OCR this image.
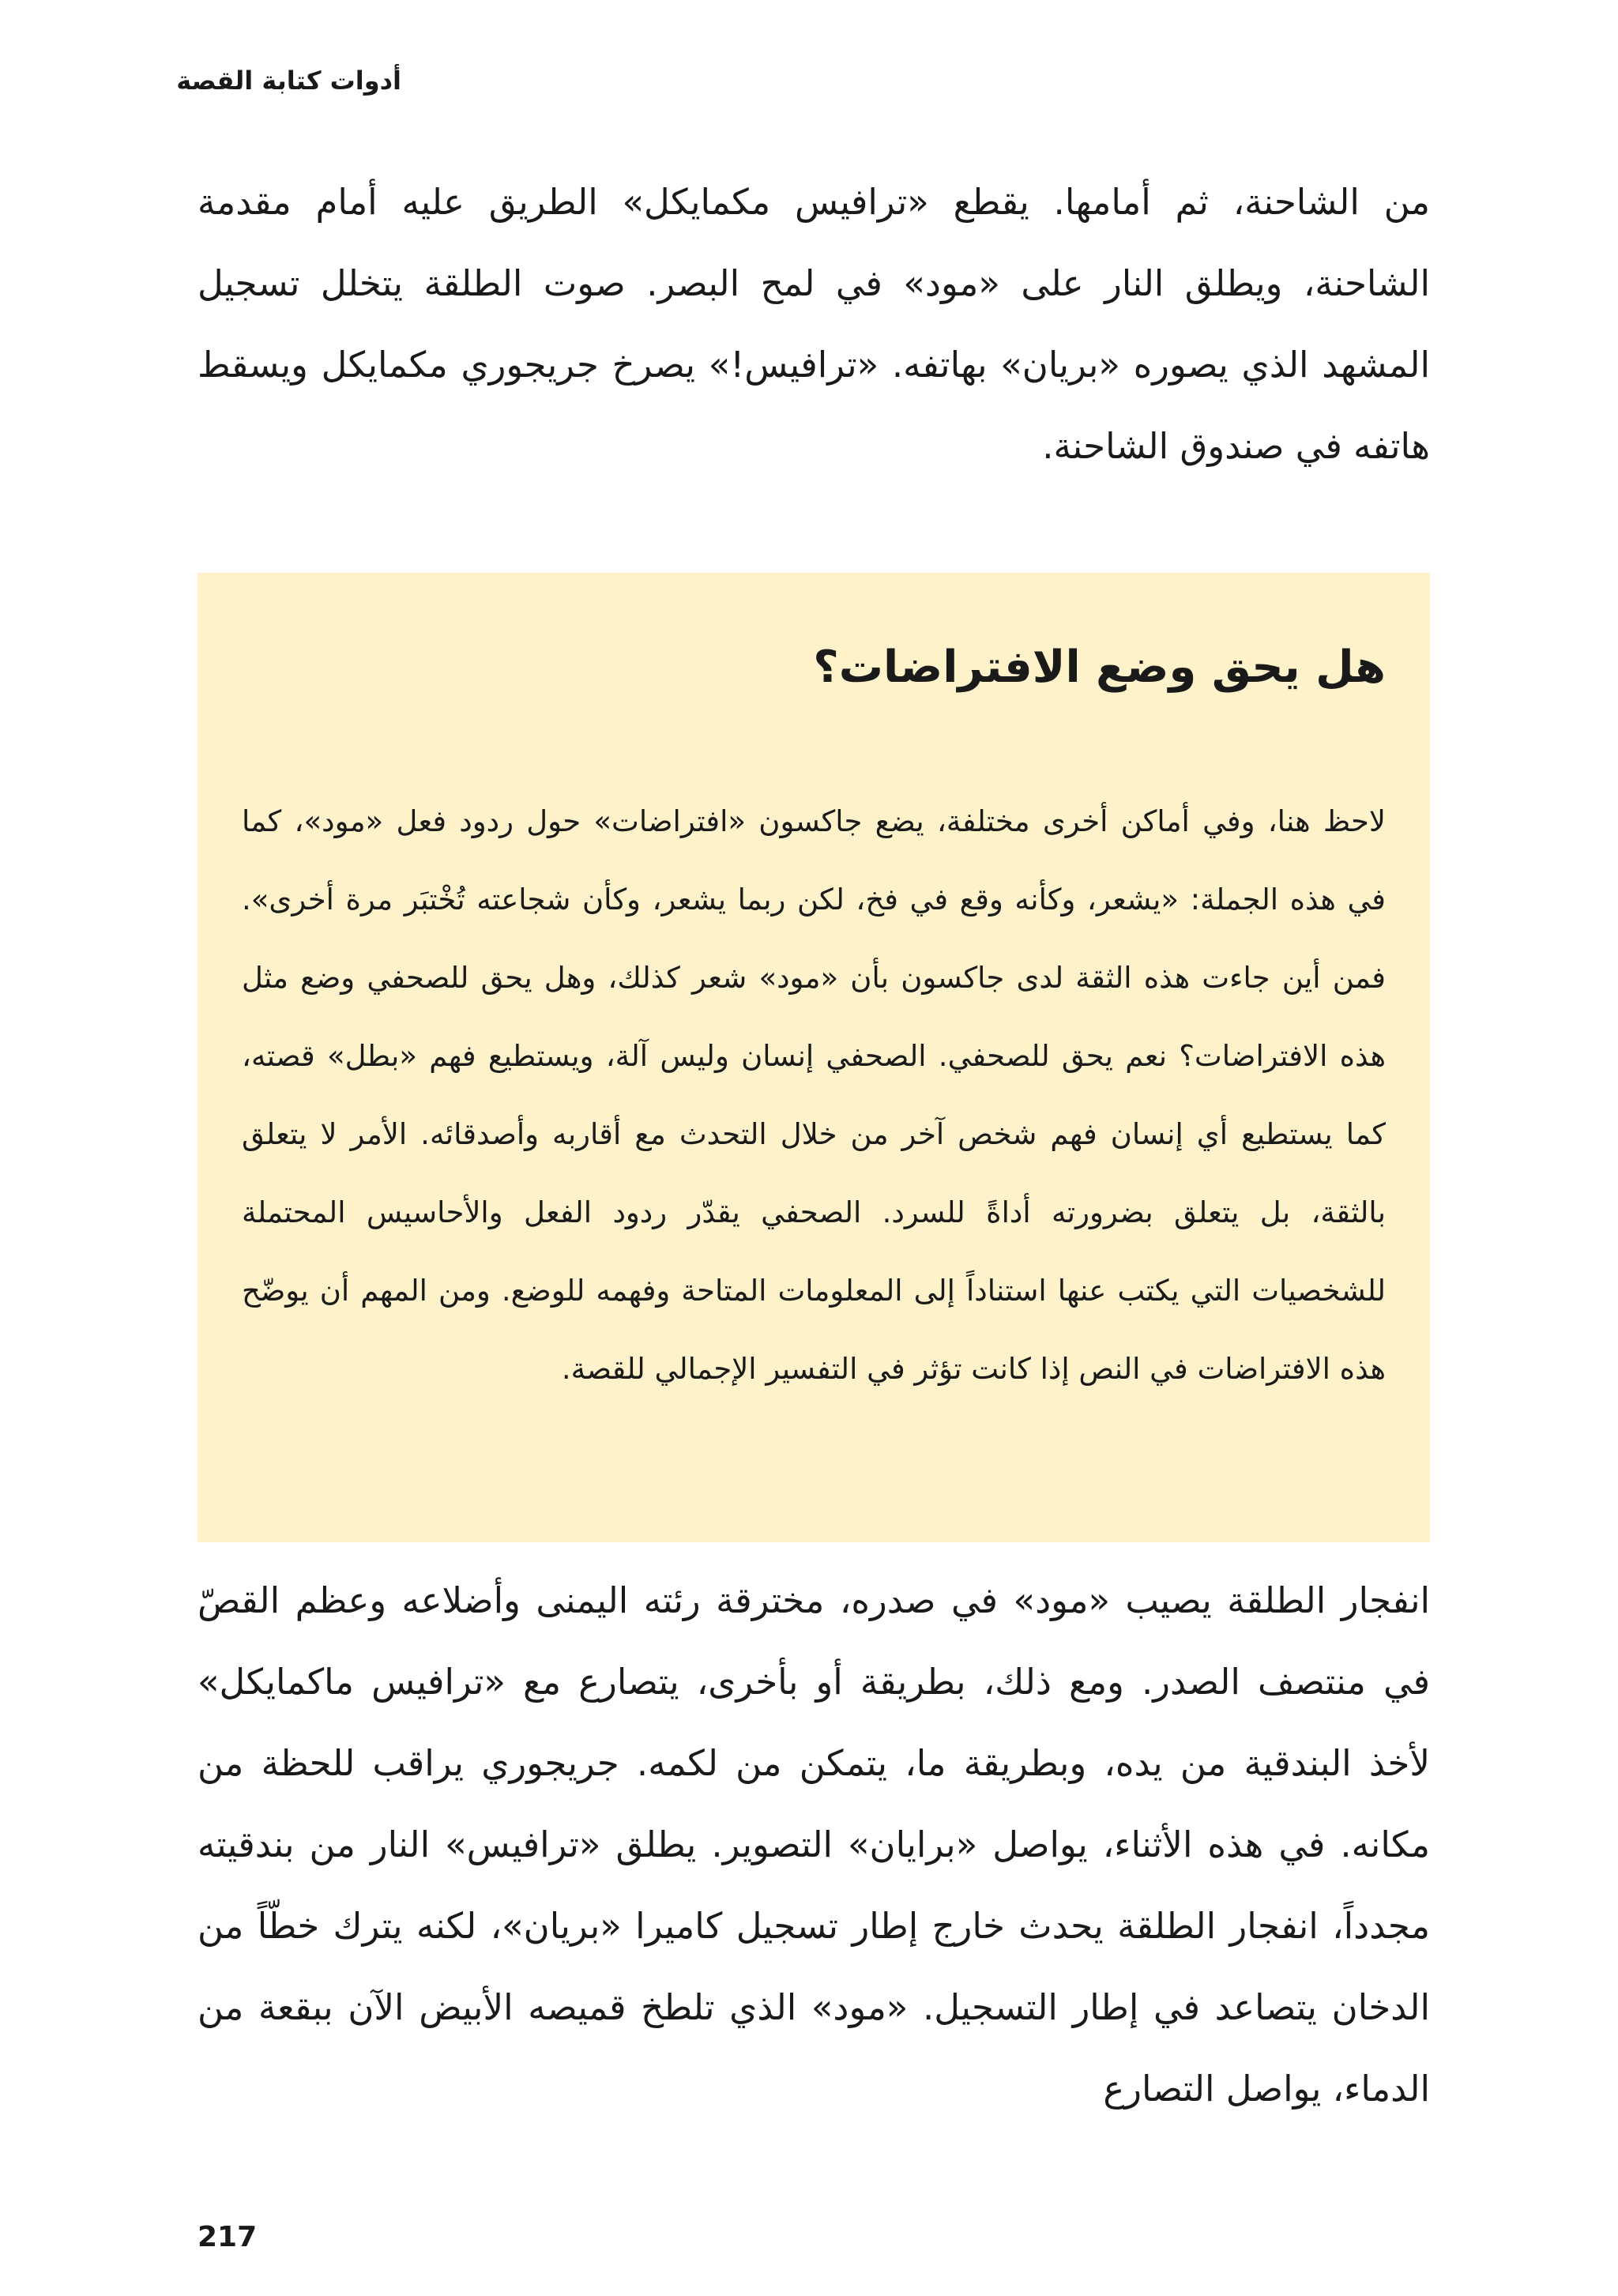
أدوات كتابة القصة

من الشاحنة، ثم أمامها. يقطع «ترافيس مكمايكل» الطريق عليه أمام مقدمة الشاحنة، ويطلق النار على «مود» في لمح البصر. صوت الطلقة يتخلل تسجيل المشهد الذي يصوره «بريان» بهاتفه. «ترافيس!» يصرخ جريجوري مكمايكل ويسقط هاتفه في صندوق الشاحنة.

هل يحق وضع الافتراضات؟

لاحظ هنا، وفي أماكن أخرى مختلفة، يضع جاكسون «افتراضات» حول ردود فعل «مود»، كما في هذه الجملة: «يشعر، وكأنه وقع في فخ، لكن ربما يشعر، وكأن شجاعته تُخْتبَر مرة أخرى». فمن أين جاءت هذه الثقة لدى جاكسون بأن «مود» شعر كذلك، وهل يحق للصحفي وضع مثل هذه الافتراضات؟ نعم يحق للصحفي. الصحفي إنسان وليس آلة، ويستطيع فهم «بطل» قصته، كما يستطيع أي إنسان فهم شخص آخر من خلال التحدث مع أقاربه وأصدقائه. الأمر لا يتعلق بالثقة، بل يتعلق بضرورته أداةً للسرد. الصحفي يقدّر ردود الفعل والأحاسيس المحتملة للشخصيات التي يكتب عنها استناداً إلى المعلومات المتاحة وفهمه للوضع. ومن المهم أن يوضّح هذه الافتراضات في النص إذا كانت تؤثر في التفسير الإجمالي للقصة.

انفجار الطلقة يصيب «مود» في صدره، مخترقة رئته اليمنى وأضلاعه وعظم القصّ في منتصف الصدر. ومع ذلك، بطريقة أو بأخرى، يتصارع مع «ترافيس ماكمايكل» لأخذ البندقية من يده، وبطريقة ما، يتمكن من لكمه. جريجوري يراقب للحظة من مكانه. في هذه الأثناء، يواصل «برايان» التصوير. يطلق «ترافيس» النار من بندقيته مجدداً، انفجار الطلقة يحدث خارج إطار تسجيل كاميرا «بريان»، لكنه يترك خطّاً من الدخان يتصاعد في إطار التسجيل. «مود» الذي تلطخ قميصه الأبيض الآن ببقعة من الدماء، يواصل التصارع

217
